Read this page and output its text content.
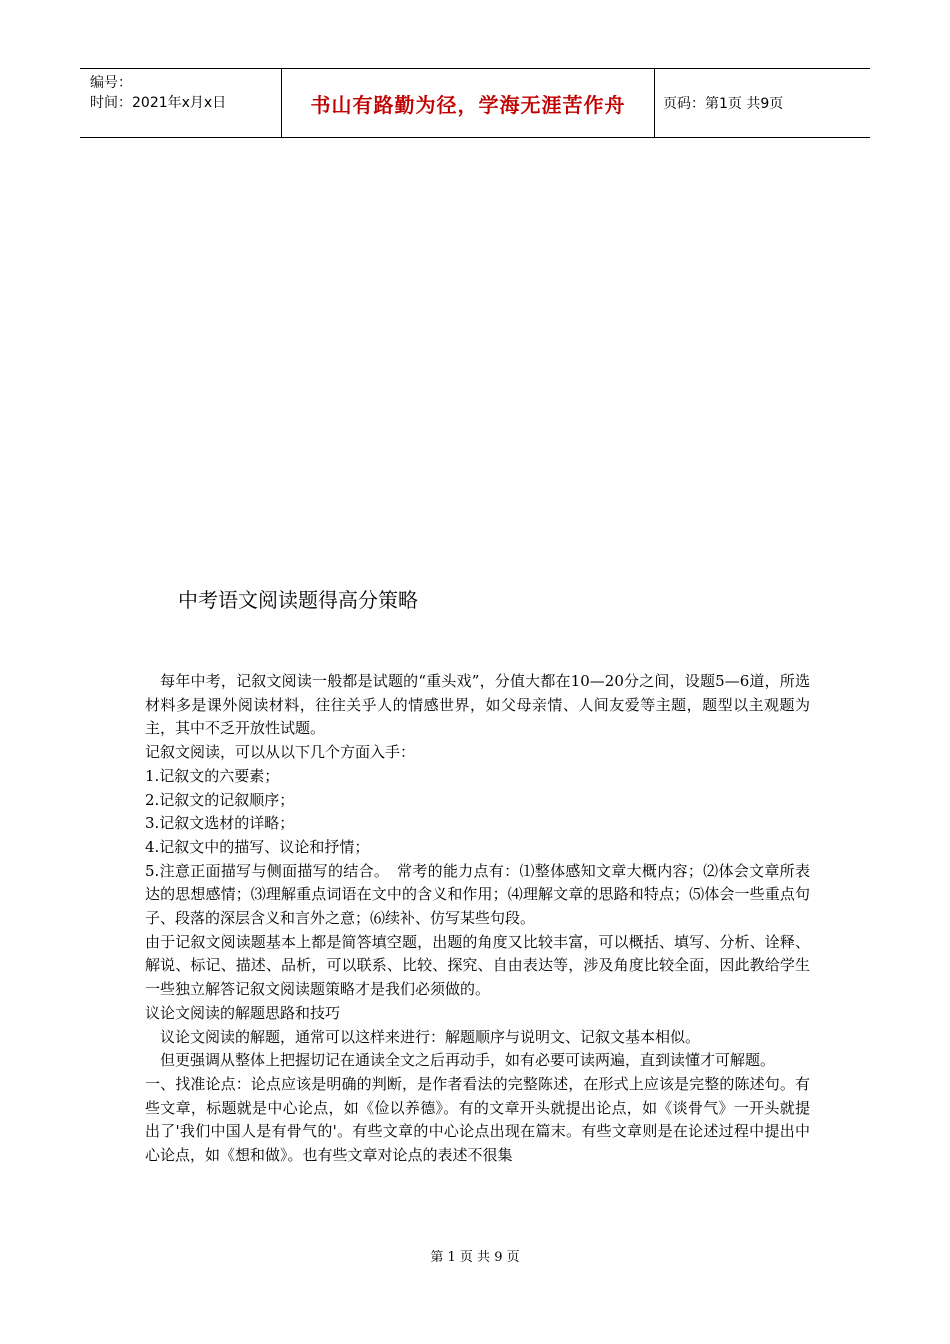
编号：
时间：2021年x月x日	书山有路勤为径，学海无涯苦作舟	页码：第1页 共9页
中考语文阅读题得高分策略

　每年中考，记叙文阅读一般都是试题的“重头戏”，分值大都在10—20分之间，设题5—6道，所选材料多是课外阅读材料，往往关乎人的情感世界，如父母亲情、人间友爱等主题，题型以主观题为主，其中不乏开放性试题。

记叙文阅读，可以从以下几个方面入手：

1.记叙文的六要素；

2.记叙文的记叙顺序；

3.记叙文选材的详略；

4.记叙文中的描写、议论和抒情；

5.注意正面描写与侧面描写的结合。　常考的能力点有：⑴整体感知文章大概内容；⑵体会文章所表达的思想感情；⑶理解重点词语在文中的含义和作用；⑷理解文章的思路和特点；⑸体会一些重点句子、段落的深层含义和言外之意；⑹续补、仿写某些句段。

由于记叙文阅读题基本上都是简答填空题，出题的角度又比较丰富，可以概括、填写、分析、诠释、解说、标记、描述、品析，可以联系、比较、探究、自由表达等，涉及角度比较全面，因此教给学生一些独立解答记叙文阅读题策略才是我们必须做的。

议论文阅读的解题思路和技巧

　议论文阅读的解题，通常可以这样来进行：解题顺序与说明文、记叙文基本相似。

　但更强调从整体上把握切记在通读全文之后再动手，如有必要可读两遍，直到读懂才可解题。

一、找准论点：论点应该是明确的判断，是作者看法的完整陈述，在形式上应该是完整的陈述句。有些文章，标题就是中心论点，如《俭以养德》。有的文章开头就提出论点，如《谈骨气》一开头就提出了'我们中国人是有骨气的'。有些文章的中心论点出现在篇末。有些文章则是在论述过程中提出中心论点，如《想和做》。也有些文章对论点的表述不很集

第 1 页 共 9 页
